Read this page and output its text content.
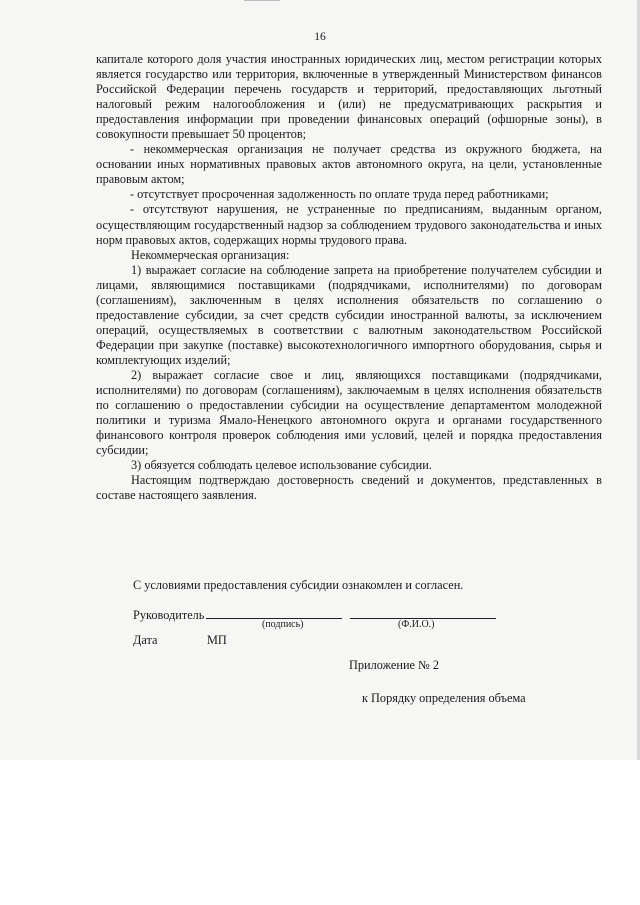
16

капитале которого доля участия иностранных юридических лиц, местом регистрации которых является государство или территория, включенные в утвержденный Министерством финансов Российской Федерации перечень государств и территорий, предоставляющих льготный налоговый режим налогообложения и (или) не предусматривающих раскрытия и предоставления информации при проведении финансовых операций (офшорные зоны), в совокупности превышает 50 процентов;

- некоммерческая организация не получает средства из окружного бюджета, на основании иных нормативных правовых актов автономного округа, на цели, установленные правовым актом;

- отсутствует просроченная задолженность по оплате труда перед работниками;

- отсутствуют нарушения, не устраненные по предписаниям, выданным органом, осуществляющим государственный надзор за соблюдением трудового законодательства и иных норм правовых актов, содержащих нормы трудового права.

Некоммерческая организация:

1) выражает согласие на соблюдение запрета на приобретение получателем субсидии и лицами, являющимися поставщиками (подрядчиками, исполнителями) по договорам (соглашениям), заключенным в целях исполнения обязательств по соглашению о предоставление субсидии, за счет средств субсидии иностранной валюты, за исключением операций, осуществляемых в соответствии с валютным законодательством Российской Федерации при закупке (поставке) высокотехнологичного импортного оборудования, сырья и комплектующих изделий;

2) выражает согласие свое и лиц, являющихся поставщиками (подрядчиками, исполнителями) по договорам (соглашениям), заключаемым в целях исполнения обязательств по соглашению о предоставлении субсидии на осуществление департаментом молодежной политики и туризма Ямало-Ненецкого автономного округа и органами государственного финансового контроля проверок соблюдения ими условий, целей и порядка предоставления субсидии;

3) обязуется соблюдать целевое использование субсидии.

Настоящим подтверждаю достоверность сведений и документов, представленных в составе настоящего заявления.

С условиями предоставления субсидии ознакомлен и согласен.
Руководитель
(подпись)	(Ф.И.О.)
Дата	МП
Приложение № 2
к Порядку определения объема
